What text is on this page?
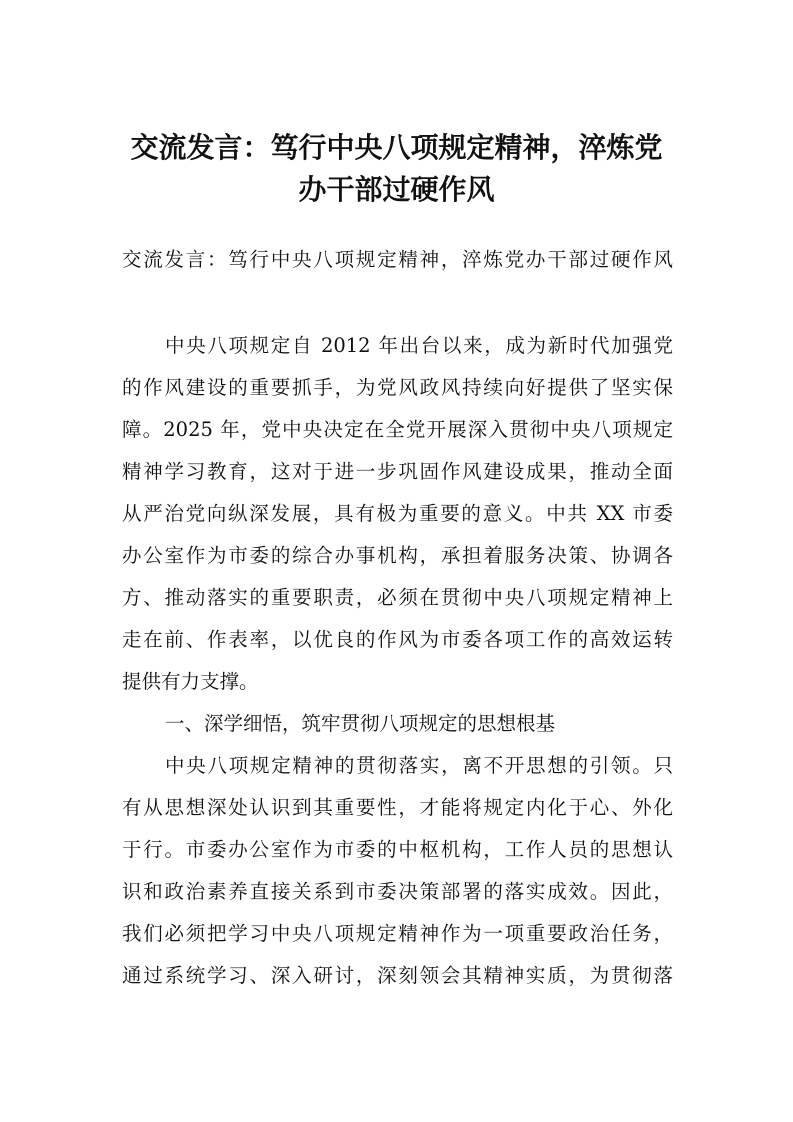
交流发言：笃行中央八项规定精神，淬炼党
办干部过硬作风

交流发言：笃行中央八项规定精神，淬炼党办干部过硬作风

中央八项规定自 2012 年出台以来，成为新时代加强党

的作风建设的重要抓手，为党风政风持续向好提供了坚实保

障。2025 年，党中央决定在全党开展深入贯彻中央八项规定

精神学习教育，这对于进一步巩固作风建设成果，推动全面

从严治党向纵深发展，具有极为重要的意义。中共 XX 市委

办公室作为市委的综合办事机构，承担着服务决策、协调各

方、推动落实的重要职责，必须在贯彻中央八项规定精神上

走在前、作表率，以优良的作风为市委各项工作的高效运转

提供有力支撑。

一、深学细悟，筑牢贯彻八项规定的思想根基

中央八项规定精神的贯彻落实，离不开思想的引领。只

有从思想深处认识到其重要性，才能将规定内化于心、外化

于行。市委办公室作为市委的中枢机构，工作人员的思想认

识和政治素养直接关系到市委决策部署的落实成效。因此，

我们必须把学习中央八项规定精神作为一项重要政治任务，

通过系统学习、深入研讨，深刻领会其精神实质，为贯彻落
